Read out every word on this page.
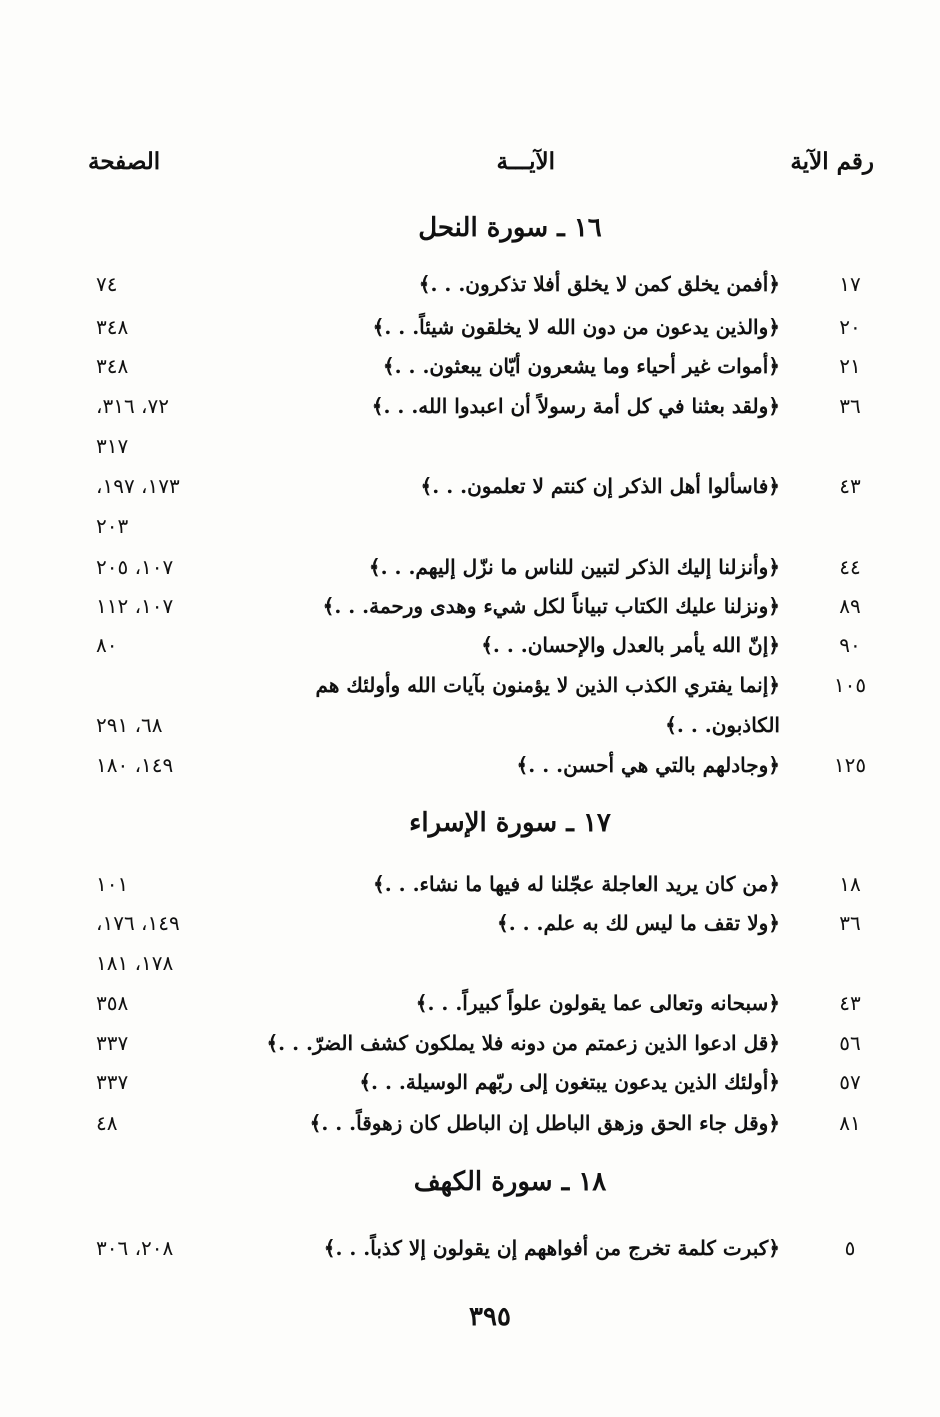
رقم الآية
الآيـــة
الصفحة
١٦ ـ سورة النحل
١٧
﴿أفمن يخلق كمن لا يخلق أفلا تذكرون. . .﴾
٧٤
٢٠
﴿والذين يدعون من دون الله لا يخلقون شيئاً. . .﴾
٣٤٨
٢١
﴿أموات غير أحياء وما يشعرون أيّان يبعثون. . .﴾
٣٤٨
٣٦
﴿ولقد بعثنا في كل أمة رسولاً أن اعبدوا الله. . .﴾
٧٢، ٣١٦،
٣١٧
٤٣
﴿فاسألوا أهل الذكر إن كنتم لا تعلمون. . .﴾
١٧٣، ١٩٧،
٢٠٣
٤٤
﴿وأنزلنا إليك الذكر لتبين للناس ما نزّل إليهم. . .﴾
١٠٧، ٢٠٥
٨٩
﴿ونزلنا عليك الكتاب تبياناً لكل شيء وهدى ورحمة. . .﴾
١٠٧، ١١٢
٩٠
﴿إنّ الله يأمر بالعدل والإحسان. . .﴾
٨٠
١٠٥
﴿إنما يفتري الكذب الذين لا يؤمنون بآيات الله وأولئك هم الكاذبون. . .﴾
٦٨، ٢٩١
١٢٥
﴿وجادلهم بالتي هي أحسن. . .﴾
١٤٩، ١٨٠
١٧ ـ سورة الإسراء
١٨
﴿من كان يريد العاجلة عجّلنا له فيها ما نشاء. . .﴾
١٠١
٣٦
﴿ولا تقف ما ليس لك به علم. . .﴾
١٤٩، ١٧٦،
١٧٨، ١٨١
٤٣
﴿سبحانه وتعالى عما يقولون علواً كبيراً. . .﴾
٣٥٨
٥٦
﴿قل ادعوا الذين زعمتم من دونه فلا يملكون كشف الضرّ. . .﴾
٣٣٧
٥٧
﴿أولئك الذين يدعون يبتغون إلى ربّهم الوسيلة. . .﴾
٣٣٧
٨١
﴿وقل جاء الحق وزهق الباطل إن الباطل كان زهوقاً. . .﴾
٤٨
١٨ ـ سورة الكهف
٥
﴿كبرت كلمة تخرج من أفواههم إن يقولون إلا كذباً. . .﴾
٢٠٨، ٣٠٦
٣٩٥
